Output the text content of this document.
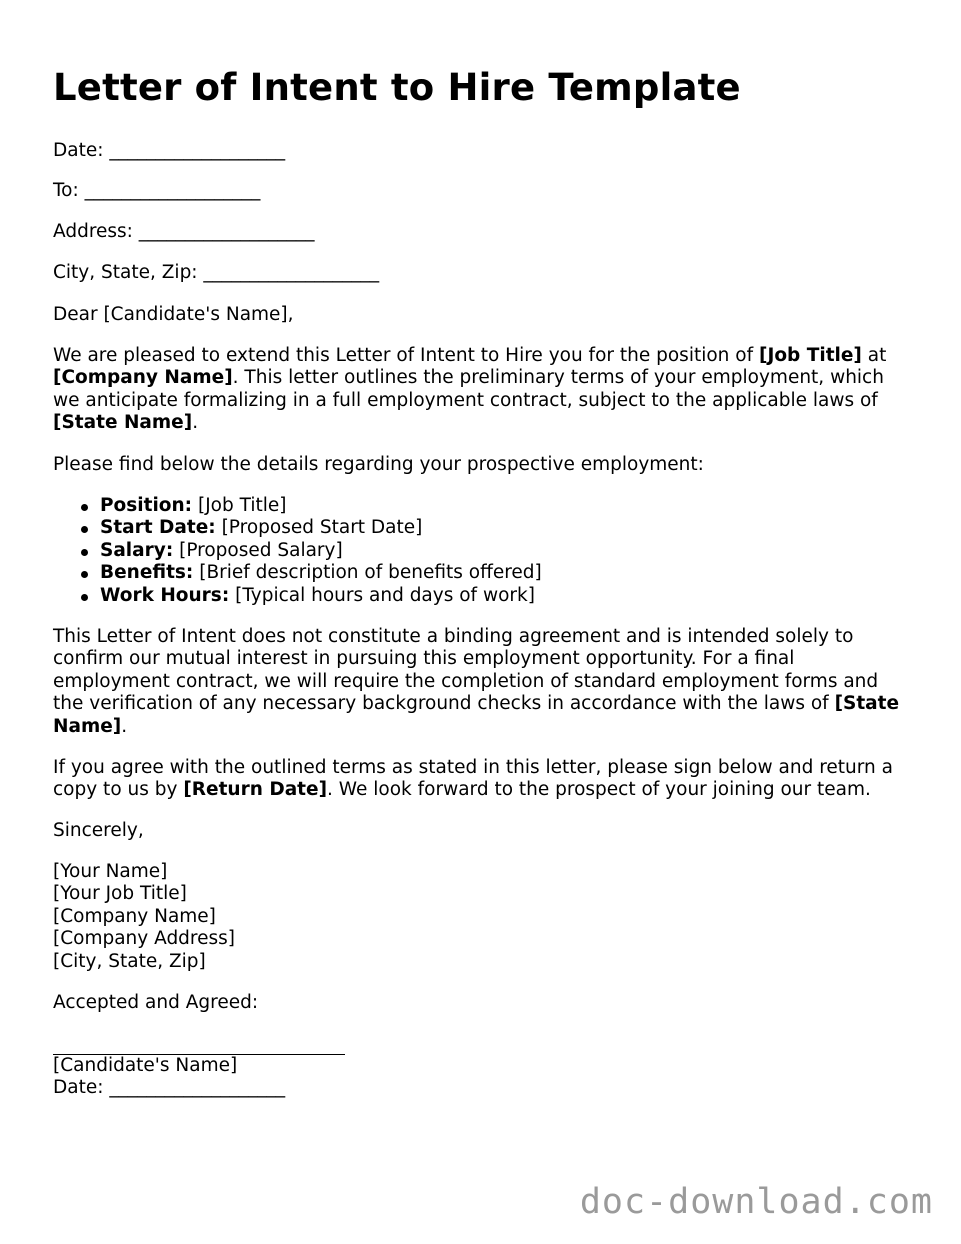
Letter of Intent to Hire Template
Date: ___________________
To: ___________________
Address: ___________________
City, State, Zip: ___________________

Dear [Candidate's Name],

We are pleased to extend this Letter of Intent to Hire you for the position of [Job Title] at [Company Name]. This letter outlines the preliminary terms of your employment, which we anticipate formalizing in a full employment contract, subject to the applicable laws of [State Name].

Please find below the details regarding your prospective employment:

Position: [Job Title]
Start Date: [Proposed Start Date]
Salary: [Proposed Salary]
Benefits: [Brief description of benefits offered]
Work Hours: [Typical hours and days of work]

This Letter of Intent does not constitute a binding agreement and is intended solely to confirm our mutual interest in pursuing this employment opportunity. For a final employment contract, we will require the completion of standard employment forms and the verification of any necessary background checks in accordance with the laws of [State Name].

If you agree with the outlined terms as stated in this letter, please sign below and return a copy to us by [Return Date]. We look forward to the prospect of your joining our team.

Sincerely,

[Your Name]
[Your Job Title]
[Company Name]
[Company Address]
[City, State, Zip]

Accepted and Agreed:

[Candidate's Name]
Date: ___________________
doc-download.com
